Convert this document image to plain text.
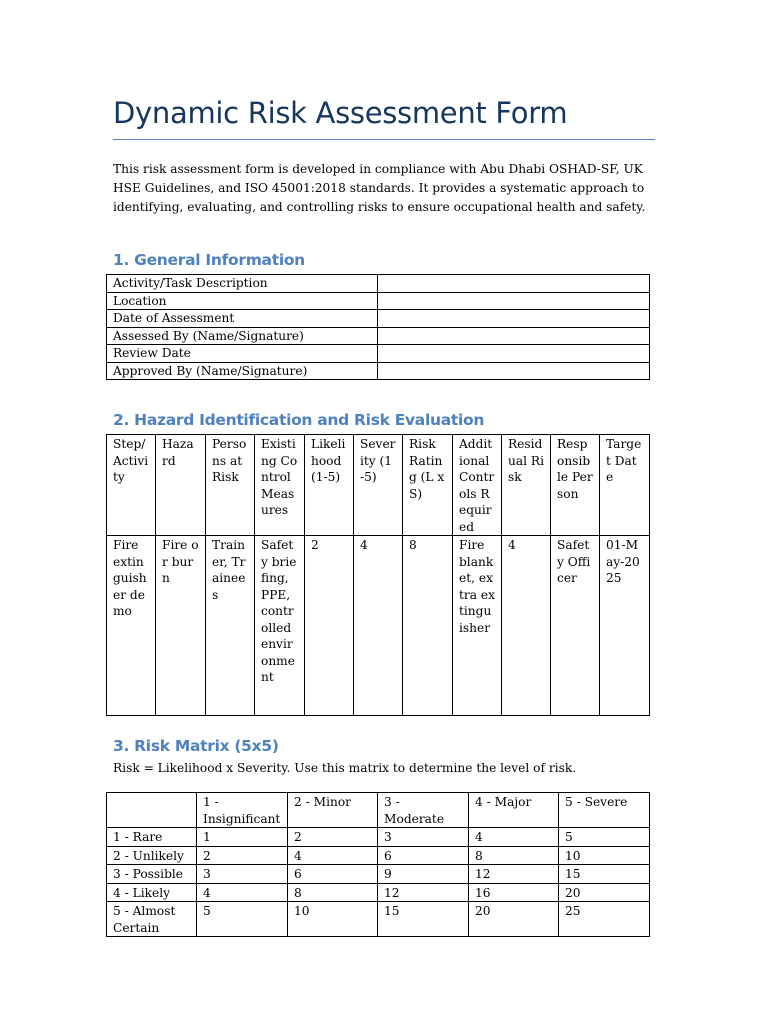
Dynamic Risk Assessment Form

This risk assessment form is developed in compliance with Abu Dhabi OSHAD-SF, UK HSE Guidelines, and ISO 45001:2018 standards. It provides a systematic approach to identifying, evaluating, and controlling risks to ensure occupational health and safety.

1. General Information
Activity/Task Description	
Location	
Date of Assessment	
Assessed By (Name/Signature)	
Review Date	
Approved By (Name/Signature)	
2. Hazard Identification and Risk Evaluation
Step/Activity	Hazard	Persons at Risk	Existing Control Measures	Likelihood (1-5)	Severity (1-5)	Risk Rating (L x S)	Additional Controls Required	Residual Risk	Responsible Person	Target Date
Fire extinguisher demo	Fire or burn	Trainer, Trainees	Safety briefing, PPE, controlled environment	2	4	8	Fire blanket, extra extinguisher	4	Safety Officer	01-May-2025
3. Risk Matrix (5x5)

Risk = Likelihood x Severity. Use this matrix to determine the level of risk.

	1 - Insignificant	2 - Minor	3 - Moderate	4 - Major	5 - Severe
1 - Rare	1	2	3	4	5
2 - Unlikely	2	4	6	8	10
3 - Possible	3	6	9	12	15
4 - Likely	4	8	12	16	20
5 - Almost Certain	5	10	15	20	25
